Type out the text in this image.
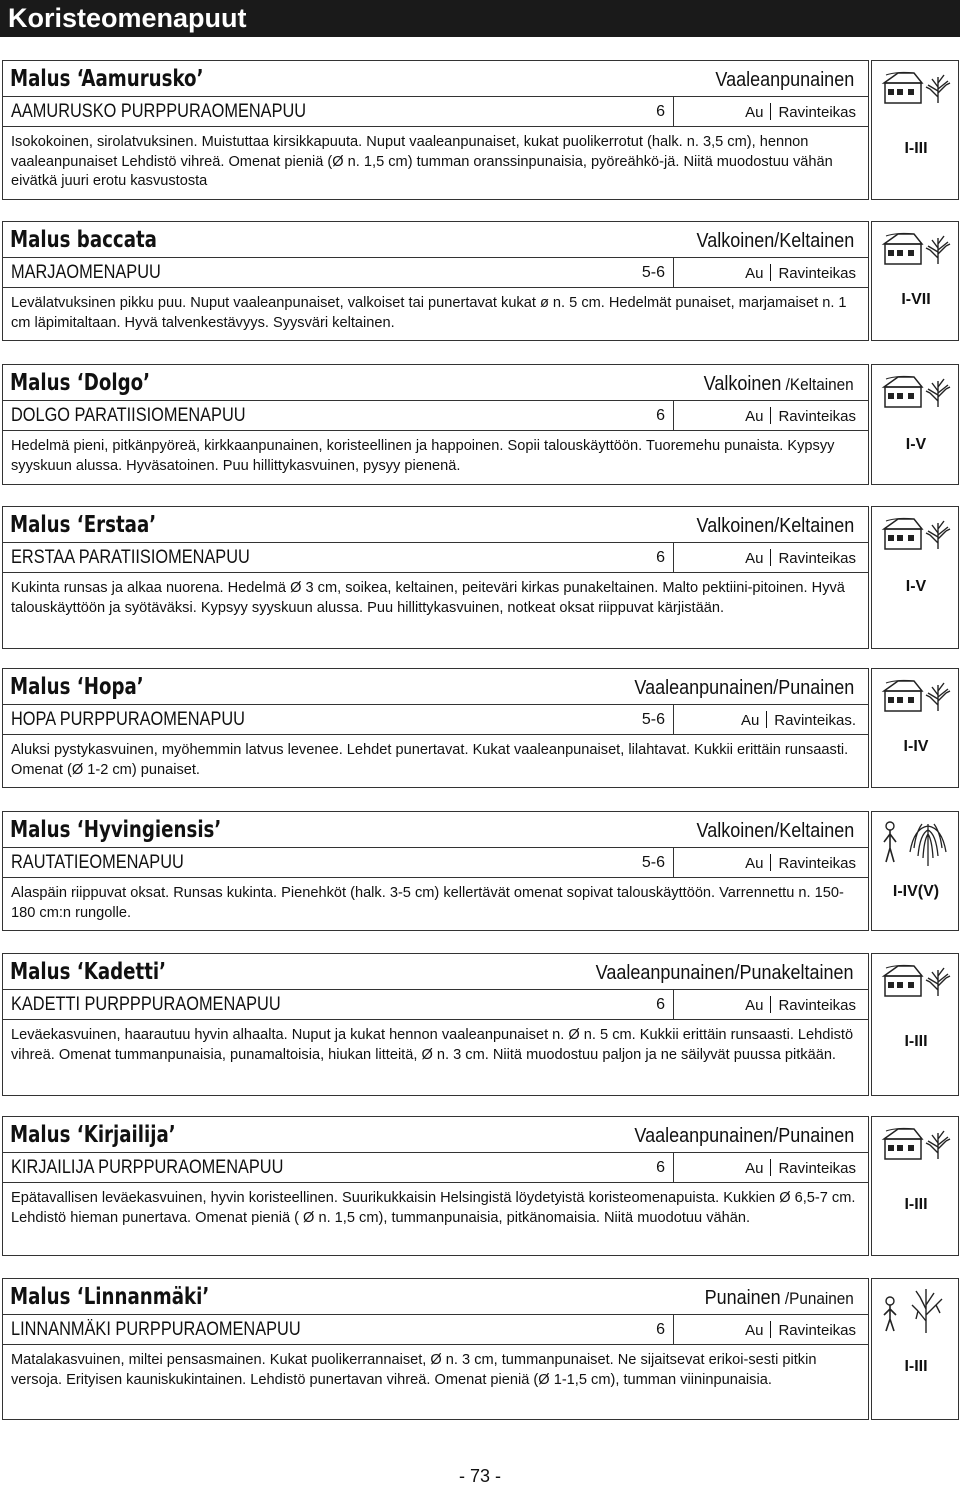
Koristeomenapuut
Malus ‘Aamurusko’	Vaaleanpunainen
AAMURUSKO PURPPURAOMENAPUU	6	Au Ravinteikas
Isokokoinen, sirolatvuksinen. Muistuttaa kirsikkapuuta. Nuput vaaleanpunaiset, kukat puolikerrotut (halk. n. 3,5 cm), hennon vaaleanpunaiset Lehdistö vihreä. Omenat pieniä (Ø n. 1,5 cm) tumman oranssinpunaisia, pyöreähkö-jä. Niitä muodostuu vähän eivätkä juuri erotu kasvustosta
I-III
Malus baccata	Valkoinen/Keltainen
MARJAOMENAPUU	5-6	Au Ravinteikas
Levälatvuksinen pikku puu. Nuput vaaleanpunaiset, valkoiset tai punertavat kukat ø n. 5 cm. Hedelmät punaiset, marjamaiset n. 1 cm läpimitaltaan. Hyvä talvenkestävyys. Syysväri keltainen.
I-VII
Malus ‘Dolgo’	Valkoinen /Keltainen
DOLGO PARATIISIOMENAPUU	6	Au Ravinteikas
Hedelmä pieni, pitkänpyöreä, kirkkaanpunainen, koristeellinen ja happoinen. Sopii talouskäyttöön. Tuoremehu punaista. Kypsyy syyskuun alussa. Hyväsatoinen. Puu hillittykasvuinen, pysyy pienenä.
I-V
Malus ‘Erstaa’	Valkoinen/Keltainen
ERSTAA PARATIISIOMENAPUU	6	Au Ravinteikas
Kukinta runsas ja alkaa nuorena. Hedelmä Ø 3 cm, soikea, keltainen, peiteväri kirkas punakeltainen. Malto pektiini-pitoinen. Hyvä talouskäyttöön ja syötäväksi. Kypsyy syyskuun alussa. Puu hillittykasvuinen, notkeat oksat riippuvat kärjistään.
I-V
Malus ‘Hopa’	Vaaleanpunainen/Punainen
HOPA PURPPURAOMENAPUU	5-6	Au Ravinteikas.
Aluksi pystykasvuinen, myöhemmin latvus levenee. Lehdet punertavat. Kukat vaaleanpunaiset, lilahtavat. Kukkii erittäin runsaasti. Omenat (Ø 1-2 cm) punaiset.
I-IV
Malus ‘Hyvingiensis’	Valkoinen/Keltainen
RAUTATIEOMENAPUU	5-6	Au Ravinteikas
Alaspäin riippuvat oksat. Runsas kukinta. Pienehköt (halk. 3-5 cm) kellertävät omenat sopivat talouskäyttöön. Varrennettu n. 150-180 cm:n rungolle.
I-IV(V)
Malus ‘Kadetti’	Vaaleanpunainen/Punakeltainen
KADETTI PURPPPURAOMENAPUU	6	Au Ravinteikas
Leväekasvuinen, haarautuu hyvin alhaalta. Nuput ja kukat hennon vaaleanpunaiset n. Ø n. 5 cm. Kukkii erittäin runsaasti. Lehdistö vihreä. Omenat tummanpunaisia, punamaltoisia, hiukan litteitä, Ø n. 3 cm. Niitä muodostuu paljon ja ne säilyvät puussa pitkään.
I-III
Malus ‘Kirjailija’	Vaaleanpunainen/Punainen
KIRJAILIJA PURPPURAOMENAPUU	6	Au Ravinteikas
Epätavallisen leväekasvuinen, hyvin koristeellinen. Suurikukkaisin Helsingistä löydetyistä koristeomenapuista. Kukkien Ø 6,5-7 cm. Lehdistö hieman punertava. Omenat pieniä ( Ø n. 1,5 cm), tummanpunaisia, pitkänomaisia. Niitä muodotuu vähän.
I-III
Malus ‘Linnanmäki’	Punainen /Punainen
LINNANMÄKI PURPPURAOMENAPUU	6	Au Ravinteikas
Matalakasvuinen, miltei pensasmainen. Kukat puolikerrannaiset, Ø n. 3 cm, tummanpunaiset. Ne sijaitsevat erikoi-sesti pitkin versoja. Erityisen kauniskukintainen. Lehdistö punertavan vihreä. Omenat pieniä (Ø 1-1,5 cm), tumman viininpunaisia.
I-III
- 73 -
